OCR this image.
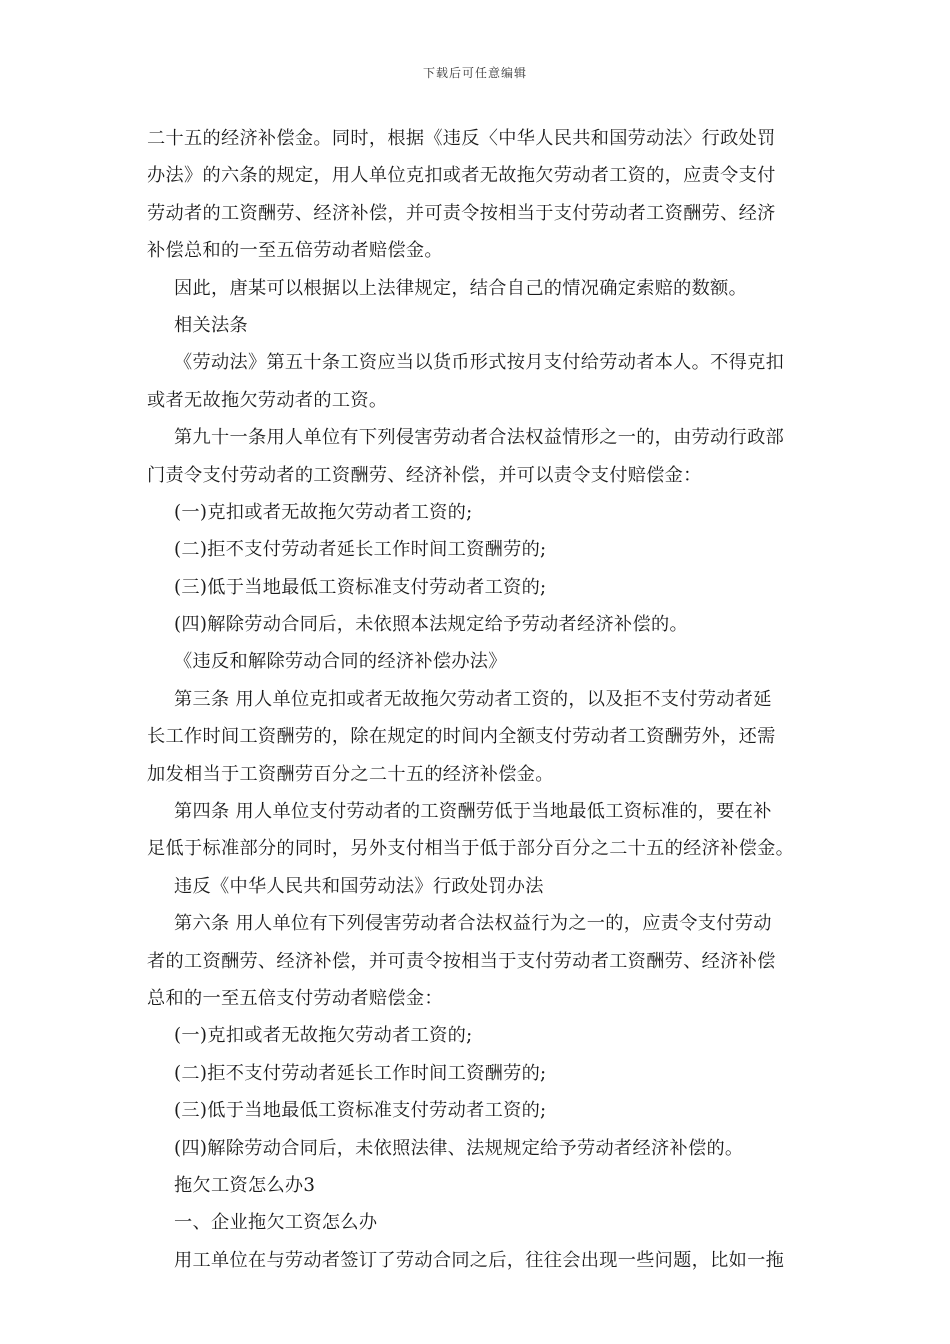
下载后可任意编辑
二十五的经济补偿金。同时，根据《违反〈中华人民共和国劳动法〉行政处罚
办法》的六条的规定，用人单位克扣或者无故拖欠劳动者工资的，应责令支付
劳动者的工资酬劳、经济补偿，并可责令按相当于支付劳动者工资酬劳、经济
补偿总和的一至五倍劳动者赔偿金。
因此，唐某可以根据以上法律规定，结合自己的情况确定索赔的数额。
相关法条
《劳动法》第五十条工资应当以货币形式按月支付给劳动者本人。不得克扣
或者无故拖欠劳动者的工资。
第九十一条用人单位有下列侵害劳动者合法权益情形之一的，由劳动行政部
门责令支付劳动者的工资酬劳、经济补偿，并可以责令支付赔偿金：
(一)克扣或者无故拖欠劳动者工资的;
(二)拒不支付劳动者延长工作时间工资酬劳的;
(三)低于当地最低工资标准支付劳动者工资的;
(四)解除劳动合同后，未依照本法规定给予劳动者经济补偿的。
《违反和解除劳动合同的经济补偿办法》
第三条 用人单位克扣或者无故拖欠劳动者工资的，以及拒不支付劳动者延
长工作时间工资酬劳的，除在规定的时间内全额支付劳动者工资酬劳外，还需
加发相当于工资酬劳百分之二十五的经济补偿金。
第四条 用人单位支付劳动者的工资酬劳低于当地最低工资标准的，要在补
足低于标准部分的同时，另外支付相当于低于部分百分之二十五的经济补偿金。
违反《中华人民共和国劳动法》行政处罚办法
第六条 用人单位有下列侵害劳动者合法权益行为之一的，应责令支付劳动
者的工资酬劳、经济补偿，并可责令按相当于支付劳动者工资酬劳、经济补偿
总和的一至五倍支付劳动者赔偿金：
(一)克扣或者无故拖欠劳动者工资的;
(二)拒不支付劳动者延长工作时间工资酬劳的;
(三)低于当地最低工资标准支付劳动者工资的;
(四)解除劳动合同后，未依照法律、法规规定给予劳动者经济补偿的。
拖欠工资怎么办3
一、企业拖欠工资怎么办
用工单位在与劳动者签订了劳动合同之后，往往会出现一些问题，比如一拖
